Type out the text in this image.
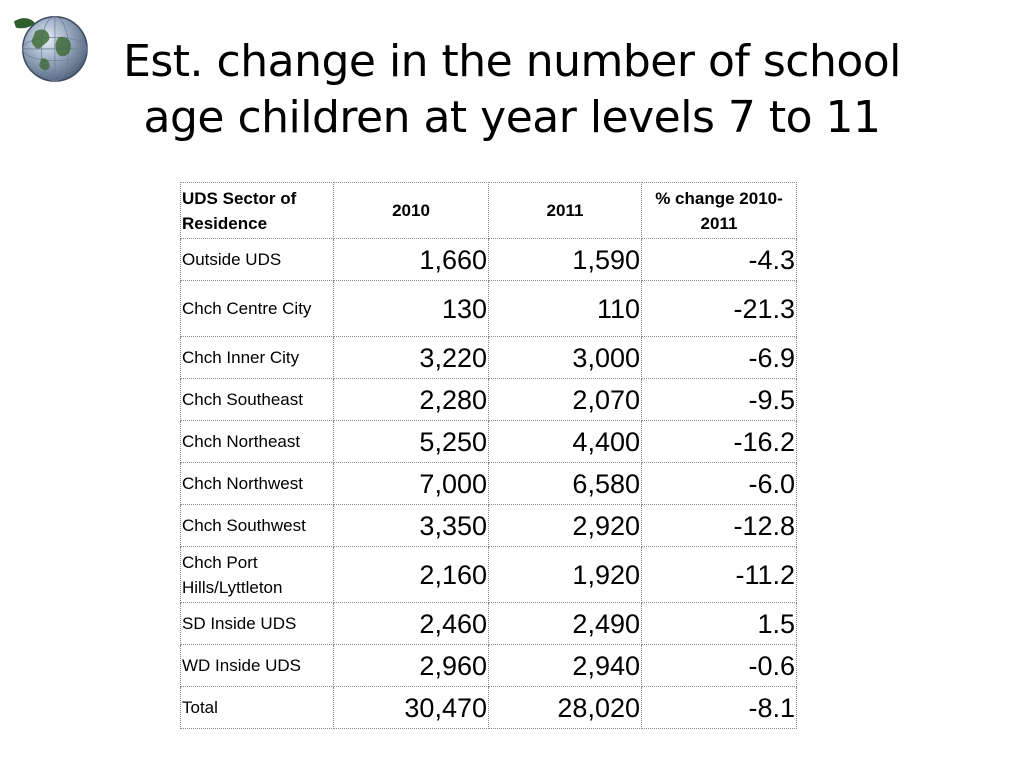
Est. change in the number of school
age children at year levels 7 to 11
UDS Sector of Residence	2010	2011	% change 2010-2011
Outside UDS	1,660	1,590	-4.3
Chch Centre City	130	110	-21.3
Chch Inner City	3,220	3,000	-6.9
Chch Southeast	2,280	2,070	-9.5
Chch Northeast	5,250	4,400	-16.2
Chch Northwest	7,000	6,580	-6.0
Chch Southwest	3,350	2,920	-12.8
Chch Port Hills/Lyttleton	2,160	1,920	-11.2
SD Inside UDS	2,460	2,490	1.5
WD Inside UDS	2,960	2,940	-0.6
Total	30,470	28,020	-8.1
